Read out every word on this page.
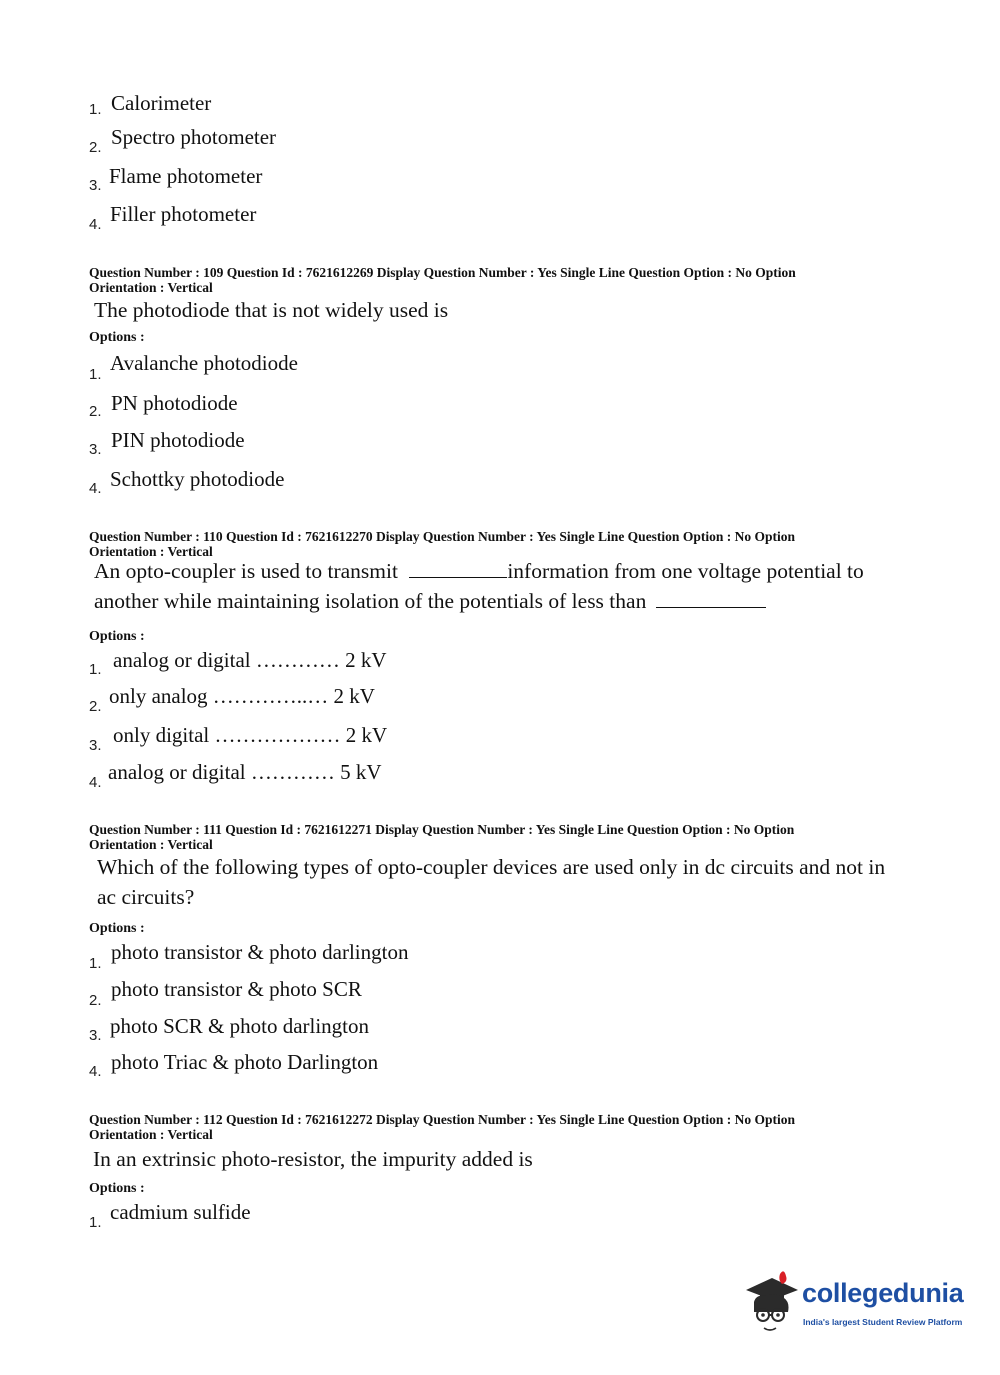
1. Calorimeter
2. Spectro photometer
3. Flame photometer
4. Filler photometer
Question Number : 109 Question Id : 7621612269 Display Question Number : Yes Single Line Question Option : No Option
Orientation : Vertical
The photodiode that is not widely used is
Options :
1. Avalanche photodiode
2. PN photodiode
3. PIN photodiode
4. Schottky photodiode
Question Number : 110 Question Id : 7621612270 Display Question Number : Yes Single Line Question Option : No Option
Orientation : Vertical
An opto-coupler is used to transmit	information from one voltage potential to
another while maintaining isolation of the potentials of less than
Options :
1. analog or digital ………… 2 kV
2. only analog …………..… 2 kV
3. only digital ……………… 2 kV
4. analog or digital ………… 5 kV
Question Number : 111 Question Id : 7621612271 Display Question Number : Yes Single Line Question Option : No Option
Orientation : Vertical
Which of the following types of opto-coupler devices are used only in dc circuits and not in
ac circuits?
Options :
1. photo transistor & photo darlington
2. photo transistor & photo SCR
3. photo SCR & photo darlington
4. photo Triac & photo Darlington
Question Number : 112 Question Id : 7621612272 Display Question Number : Yes Single Line Question Option : No Option
Orientation : Vertical
In an extrinsic photo-resistor, the impurity added is
Options :
1. cadmium sulfide
collegedunia
India's largest Student Review Platform
